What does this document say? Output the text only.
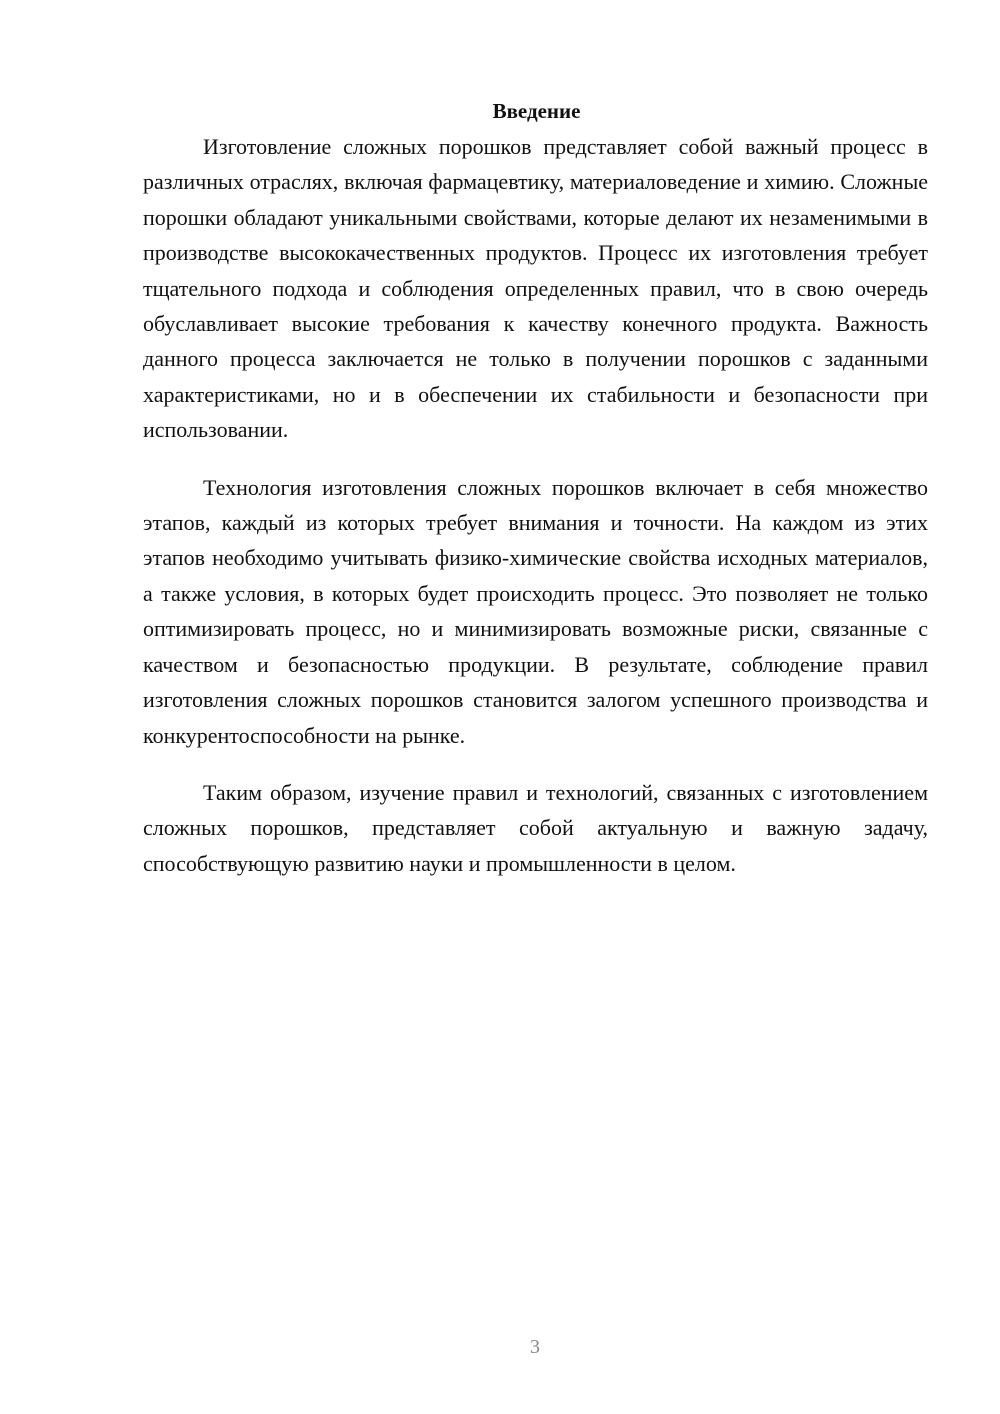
Введение

Изготовление сложных порошков представляет собой важный процесс в различных отраслях, включая фармацевтику, материаловедение и химию. Сложные порошки обладают уникальными свойствами, которые делают их незаменимыми в производстве высококачественных продуктов. Процесс их изготовления требует тщательного подхода и соблюдения определенных правил, что в свою очередь обуславливает высокие требования к качеству конечного продукта. Важность данного процесса заключается не только в получении порошков с заданными характеристиками, но и в обеспечении их стабильности и безопасности при использовании.

Технология изготовления сложных порошков включает в себя множество этапов, каждый из которых требует внимания и точности. На каждом из этих этапов необходимо учитывать физико-химические свойства исходных материалов, а также условия, в которых будет происходить процесс. Это позволяет не только оптимизировать процесс, но и минимизировать возможные риски, связанные с качеством и безопасностью продукции. В результате, соблюдение правил изготовления сложных порошков становится залогом успешного производства и конкурентоспособности на рынке.

Таким образом, изучение правил и технологий, связанных с изготовлением сложных порошков, представляет собой актуальную и важную задачу, способствующую развитию науки и промышленности в целом.

3
